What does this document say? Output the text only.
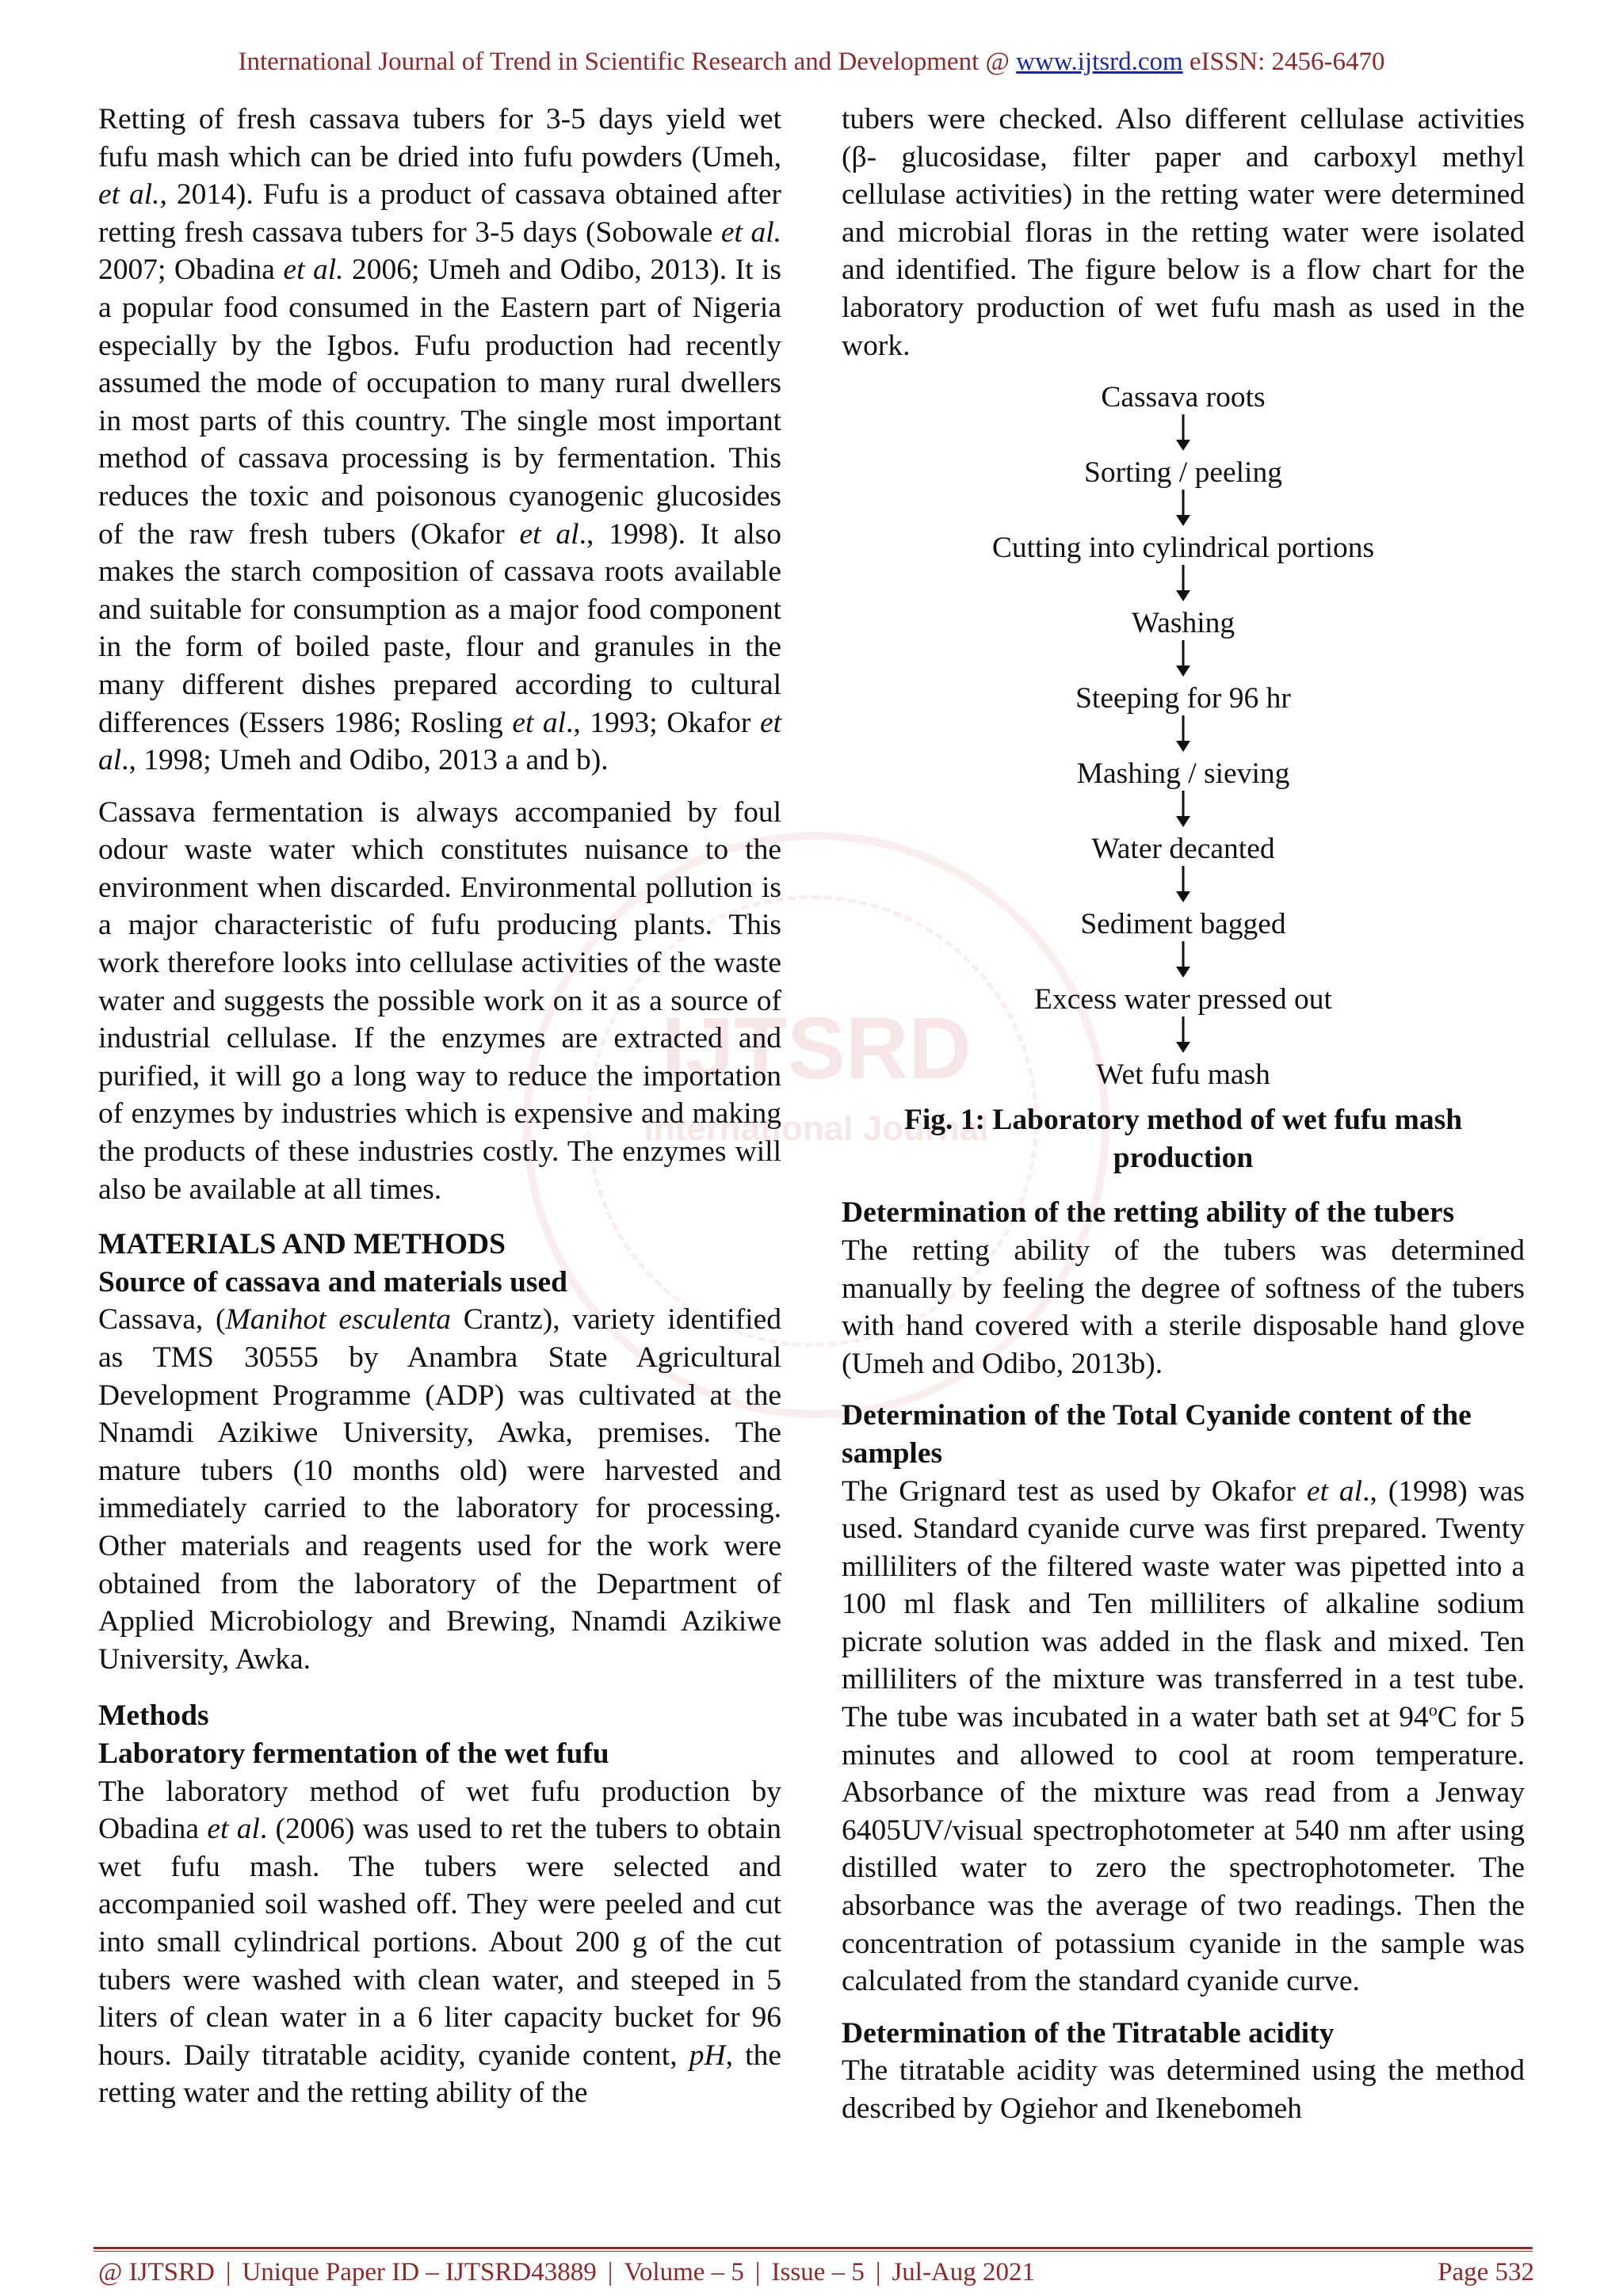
International Journal of Trend in Scientific Research and Development @ www.ijtsrd.com eISSN: 2456-6470
IJTSRD
International Journal

Retting of fresh cassava tubers for 3-5 days yield wet fufu mash which can be dried into fufu powders (Umeh, et al., 2014). Fufu is a product of cassava obtained after retting fresh cassava tubers for 3-5 days (Sobowale et al. 2007; Obadina et al. 2006; Umeh and Odibo, 2013). It is a popular food consumed in the Eastern part of Nigeria especially by the Igbos. Fufu production had recently assumed the mode of occupation to many rural dwellers in most parts of this country. The single most important method of cassava processing is by fermentation. This reduces the toxic and poisonous cyanogenic glucosides of the raw fresh tubers (Okafor et al., 1998). It also makes the starch composition of cassava roots available and suitable for consumption as a major food component in the form of boiled paste, flour and granules in the many different dishes prepared according to cultural differences (Essers 1986; Rosling et al., 1993; Okafor et al., 1998; Umeh and Odibo, 2013 a and b).

Cassava fermentation is always accompanied by foul odour waste water which constitutes nuisance to the environment when discarded. Environmental pollution is a major characteristic of fufu producing plants. This work therefore looks into cellulase activities of the waste water and suggests the possible work on it as a source of industrial cellulase. If the enzymes are extracted and purified, it will go a long way to reduce the importation of enzymes by industries which is expensive and making the products of these industries costly. The enzymes will also be available at all times.

MATERIALS AND METHODS
Source of cassava and materials used

Cassava, (Manihot esculenta Crantz), variety identified as TMS 30555 by Anambra State Agricultural Development Programme (ADP) was cultivated at the Nnamdi Azikiwe University, Awka, premises. The mature tubers (10 months old) were harvested and immediately carried to the laboratory for processing. Other materials and reagents used for the work were obtained from the laboratory of the Department of Applied Microbiology and Brewing, Nnamdi Azikiwe University, Awka.

Methods
Laboratory fermentation of the wet fufu

The laboratory method of wet fufu production by Obadina et al. (2006) was used to ret the tubers to obtain wet fufu mash. The tubers were selected and accompanied soil washed off. They were peeled and cut into small cylindrical portions. About 200 g of the cut tubers were washed with clean water, and steeped in 5 liters of clean water in a 6 liter capacity bucket for 96 hours. Daily titratable acidity, cyanide content, pH, the retting water and the retting ability of the

tubers were checked. Also different cellulase activities (β- glucosidase, filter paper and carboxyl methyl cellulase activities) in the retting water were determined and microbial floras in the retting water were isolated and identified. The figure below is a flow chart for the laboratory production of wet fufu mash as used in the work.

Cassava roots
Sorting / peeling
Cutting into cylindrical portions
Washing
Steeping for 96 hr
Mashing / sieving
Water decanted
Sediment bagged
Excess water pressed out
Wet fufu mash
Fig. 1: Laboratory method of wet fufu mash production
Determination of the retting ability of the tubers

The retting ability of the tubers was determined manually by feeling the degree of softness of the tubers with hand covered with a sterile disposable hand glove (Umeh and Odibo, 2013b).

Determination of the Total Cyanide content of the samples

The Grignard test as used by Okafor et al., (1998) was used. Standard cyanide curve was first prepared. Twenty milliliters of the filtered waste water was pipetted into a 100 ml flask and Ten milliliters of alkaline sodium picrate solution was added in the flask and mixed. Ten milliliters of the mixture was transferred in a test tube. The tube was incubated in a water bath set at 94$^o$C for 5 minutes and allowed to cool at room temperature. Absorbance of the mixture was read from a Jenway 6405UV/visual spectrophotometer at 540 nm after using distilled water to zero the spectrophotometer. The absorbance was the average of two readings. Then the concentration of potassium cyanide in the sample was calculated from the standard cyanide curve.

Determination of the Titratable acidity

The titratable acidity was determined using the method described by Ogiehor and Ikenebomeh

@ IJTSRD | Unique Paper ID – IJTSRD43889 | Volume – 5 | Issue – 5 | Jul-Aug 2021	Page 532
